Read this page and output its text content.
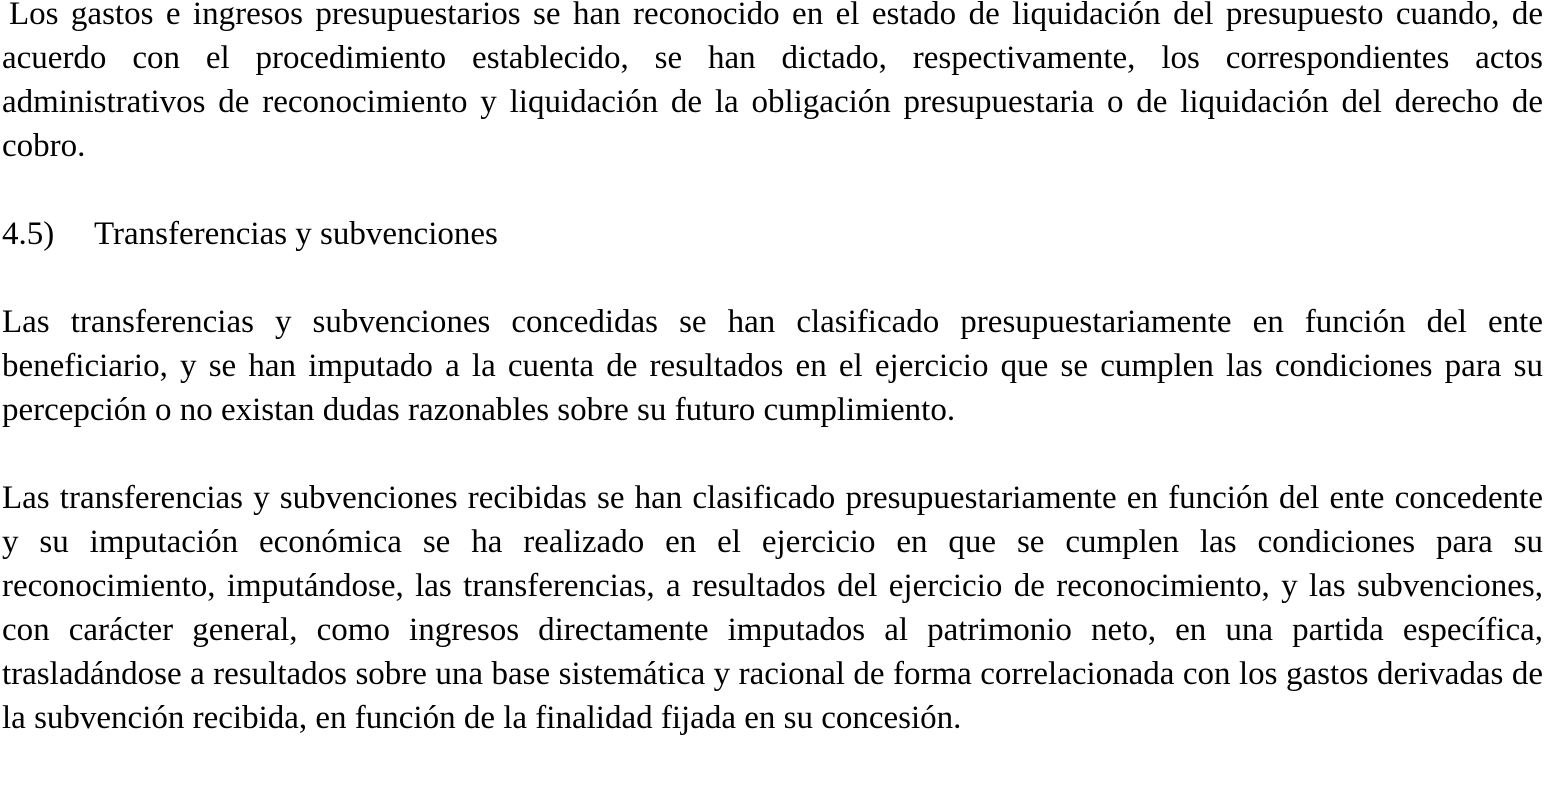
Los gastos e ingresos presupuestarios se han reconocido en el estado de liquidación del presupuesto cuando, de acuerdo con el procedimiento establecido, se han dictado, respectivamente, los correspondientes actos administrativos de reconocimiento y liquidación de la obligación presupuestaria o de liquidación del derecho de cobro.

4.5) Transferencias y subvenciones

Las transferencias y subvenciones concedidas se han clasificado presupuestariamente en función del ente beneficiario, y se han imputado a la cuenta de resultados en el ejercicio que se cumplen las condiciones para su percepción o no existan dudas razonables sobre su futuro cumplimiento.

Las transferencias y subvenciones recibidas se han clasificado presupuestariamente en función del ente concedente y su imputación económica se ha realizado en el ejercicio en que se cumplen las condiciones para su reconocimiento, imputándose, las transferencias, a resultados del ejercicio de reconocimiento, y las subvenciones, con carácter general, como ingresos directamente imputados al patrimonio neto, en una partida específica, trasladándose a resultados sobre una base sistemática y racional de forma correlacionada con los gastos derivadas de la subvención recibida, en función de la finalidad fijada en su concesión.
